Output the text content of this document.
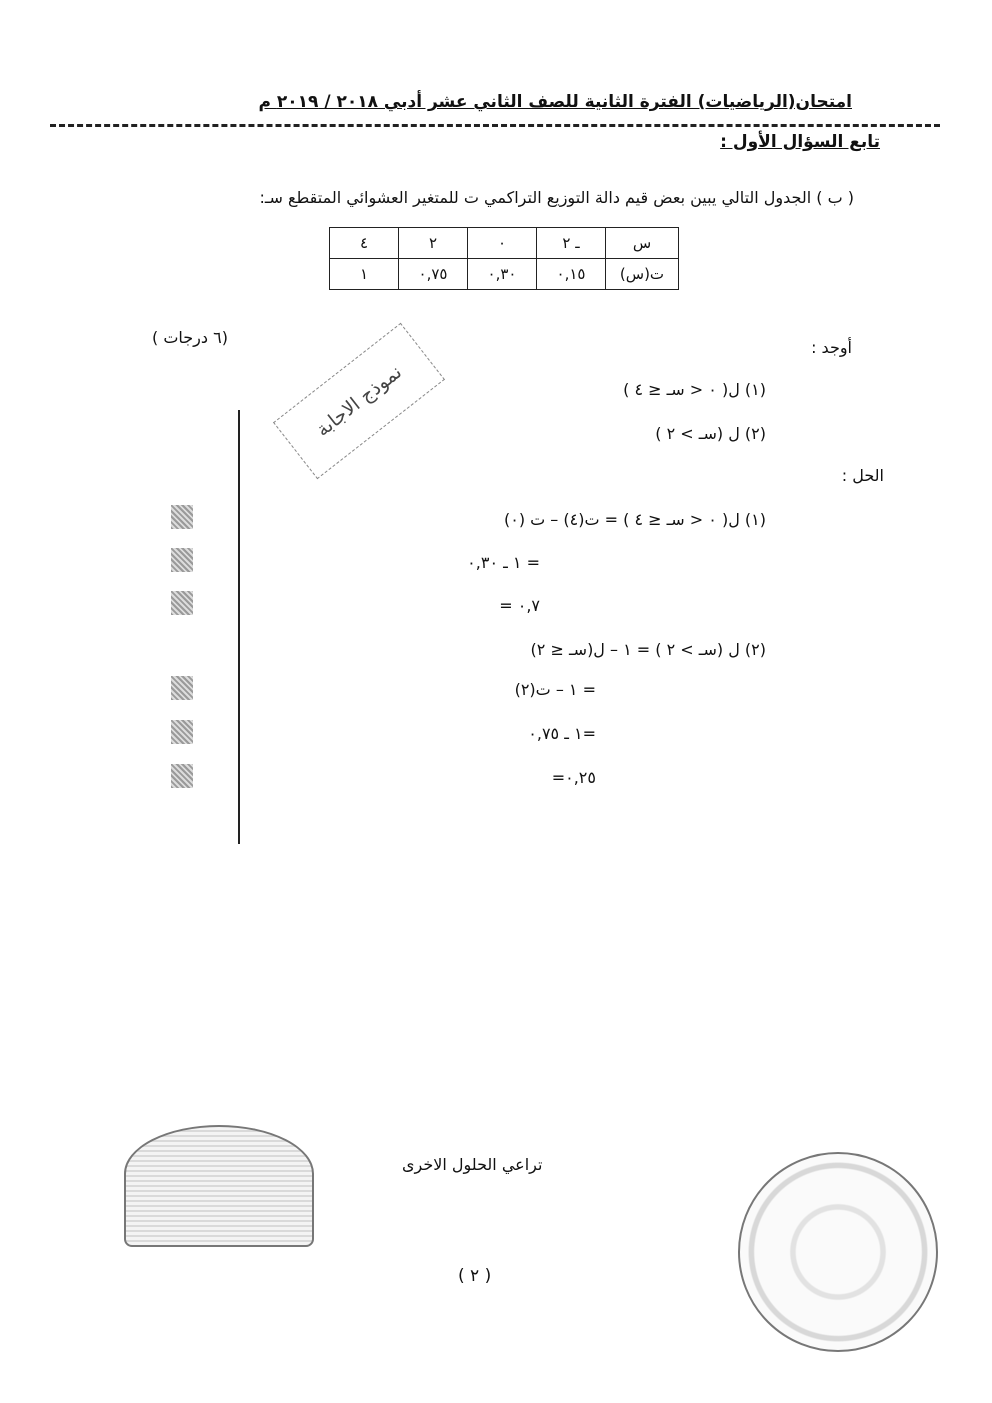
امتحان(الرياضيات) الفترة الثانية للصف الثاني عشر أدبي ٢٠١٨ / ٢٠١٩ م
تابع السؤال الأول :
( ب ) الجدول التالي يبين بعض قيم دالة التوزيع التراكمي ت للمتغير العشوائي المتقطع سـ:
س	ـ ٢	٠	٢	٤
ت(س)	٠,١٥	٠,٣٠	٠,٧٥	١
أوجد :
(٦ درجات )
(١) ل( ٠ < سـ ≤ ٤ )
(٢) ل (سـ > ٢ )
نموذج الاجابة
الحل :
(١) ل( ٠ < سـ ≤ ٤ ) = ت(٤) – ت (٠)
= ١ ـ ٠,٣٠
= ٠,٧
(٢) ل (سـ > ٢ ) = ١ – ل(سـ ≤ ٢)
= ١ – ت(٢)
=١ ـ ٠,٧٥
=٠,٢٥
تراعي الحلول الاخرى
( ٢ )
